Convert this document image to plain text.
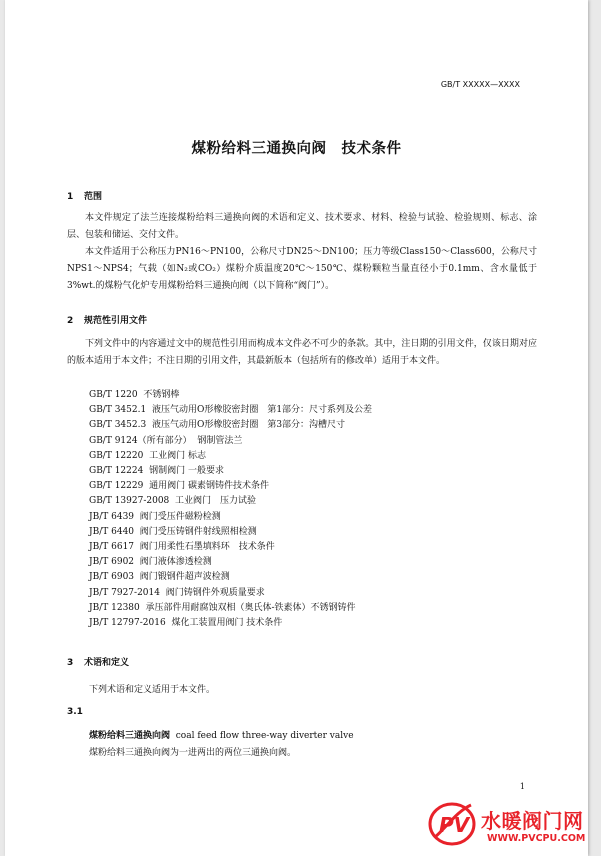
GB/T XXXXX—XXXX
煤粉给料三通换向阀　技术条件
1 范围
本文件规定了法兰连接煤粉给料三通换向阀的术语和定义、技术要求、材料、检验与试验、检验规则、标志、涂层、包装和储运、交付文件。
本文件适用于公称压力PN16～PN100，公称尺寸DN25～DN100；压力等级Class150～Class600，公称尺寸NPS1～NPS4；气载（如N₂或CO₂）煤粉介质温度20℃～150℃、煤粉颗粒当量直径小于0.1mm、含水量低于3%wt.的煤粉气化炉专用煤粉给料三通换向阀（以下简称“阀门”）。
2 规范性引用文件
下列文件中的内容通过文中的规范性引用而构成本文件必不可少的条款。其中，注日期的引用文件，仅该日期对应的版本适用于本文件；不注日期的引用文件，其最新版本（包括所有的修改单）适用于本文件。
GB/T 1220 不锈钢棒
GB/T 3452.1 液压气动用O形橡胶密封圈　第1部分：尺寸系列及公差
GB/T 3452.3 液压气动用O形橡胶密封圈　第3部分：沟槽尺寸
GB/T 9124（所有部分） 钢制管法兰
GB/T 12220 工业阀门 标志
GB/T 12224 钢制阀门 一般要求
GB/T 12229 通用阀门 碳素钢铸件技术条件
GB/T 13927-2008 工业阀门　压力试验
JB/T 6439 阀门受压件磁粉检测
JB/T 6440 阀门受压铸钢件射线照相检测
JB/T 6617 阀门用柔性石墨填料环　技术条件
JB/T 6902 阀门液体渗透检测
JB/T 6903 阀门锻钢件超声波检测
JB/T 7927-2014 阀门铸钢件外观质量要求
JB/T 12380 承压部件用耐腐蚀双相（奥氏体-铁素体）不锈钢铸件
JB/T 12797-2016 煤化工装置用阀门 技术条件
3 术语和定义
下列术语和定义适用于本文件。
3.1
煤粉给料三通换向阀 coal feed flow three-way diverter valve
煤粉给料三通换向阀为一进两出的两位三通换向阀。
1
PV 水暖阀门网
WWW.PVCPU.COM
